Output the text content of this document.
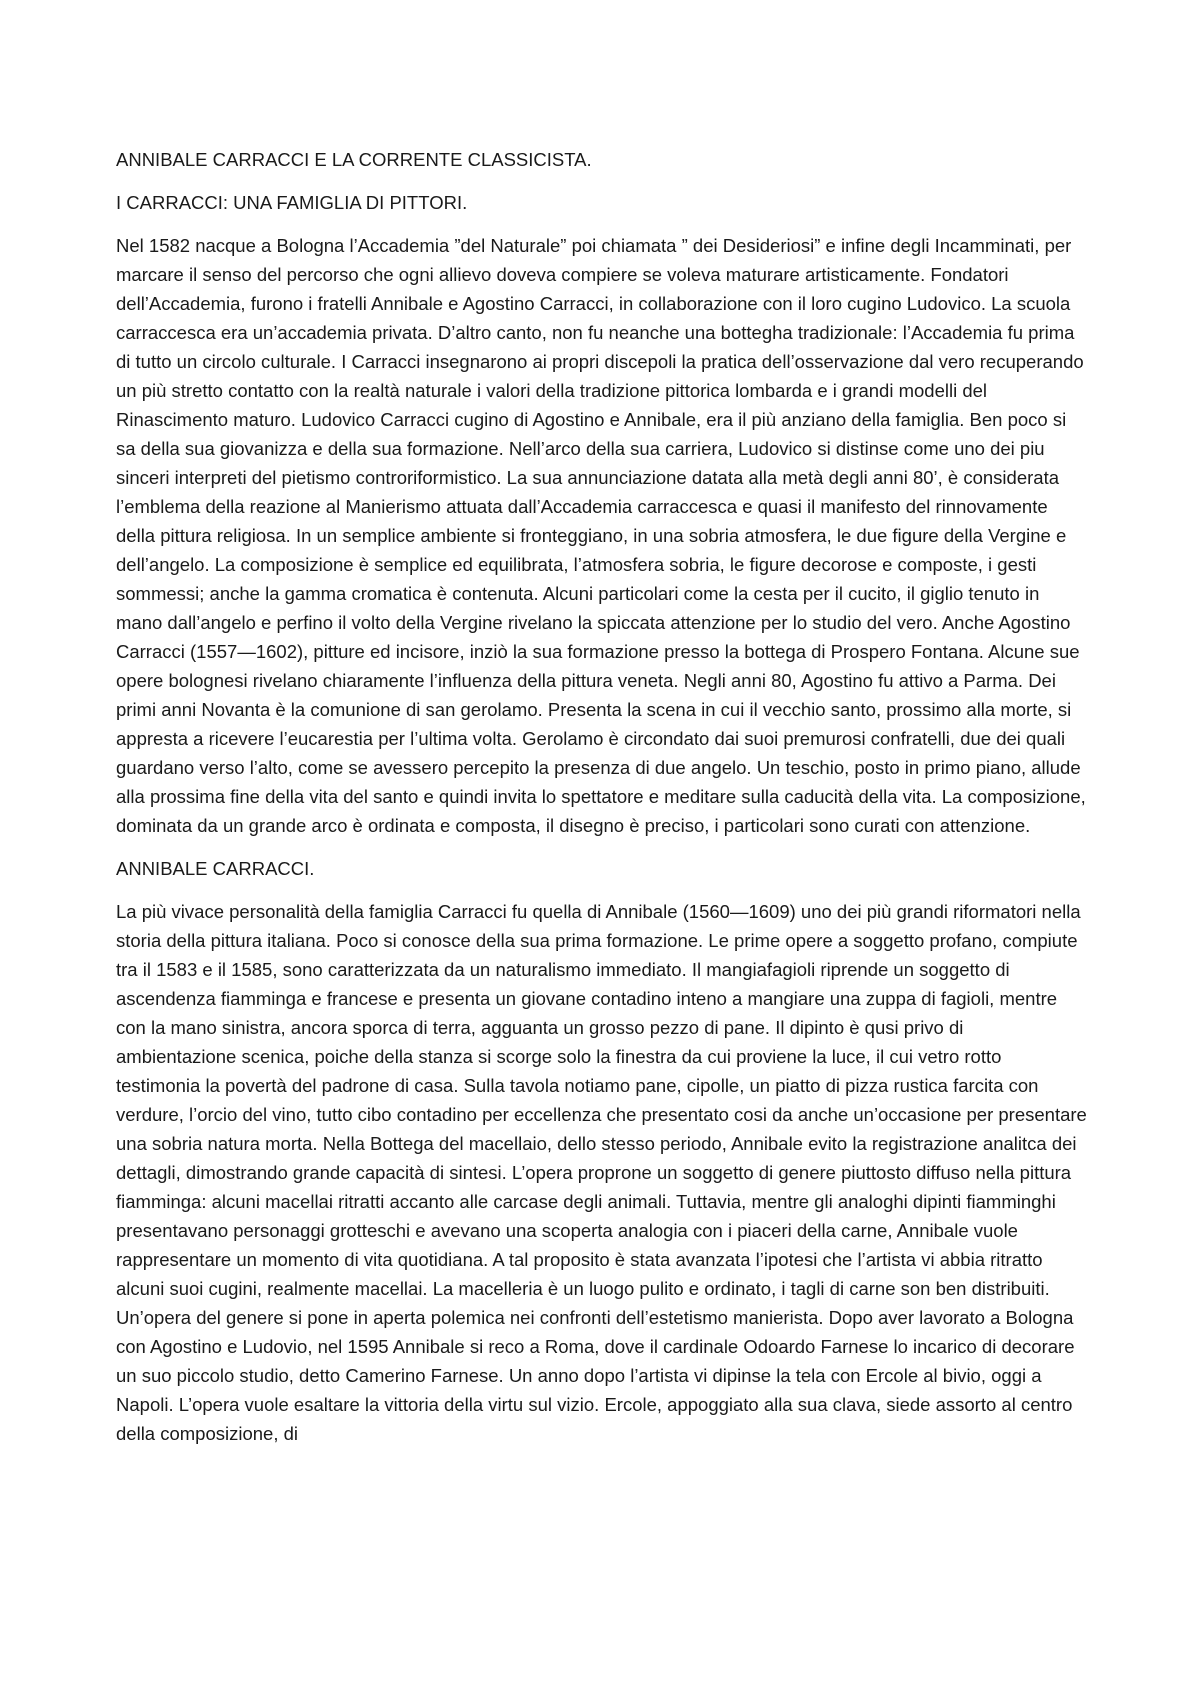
ANNIBALE CARRACCI E LA CORRENTE CLASSICISTA.

I CARRACCI: UNA FAMIGLIA DI PITTORI.

Nel 1582 nacque a Bologna l’Accademia ”del Naturale” poi chiamata ” dei Desideriosi” e infine degli Incamminati, per marcare il senso del percorso che ogni allievo doveva compiere se voleva maturare artisticamente. Fondatori dell’Accademia, furono i fratelli Annibale e Agostino Carracci, in collaborazione con il loro cugino Ludovico. La scuola carraccesca era un’accademia privata. D’altro canto, non fu neanche una bottegha tradizionale: l’Accademia fu prima di tutto un circolo culturale. I Carracci insegnarono ai propri discepoli la pratica dell’osservazione dal vero recuperando un più stretto contatto con la realtà naturale i valori della tradizione pittorica lombarda e i grandi modelli del Rinascimento maturo. Ludovico Carracci cugino di Agostino e Annibale, era il più anziano della famiglia. Ben poco si sa della sua giovanizza e della sua formazione. Nell’arco della sua carriera, Ludovico si distinse come uno dei piu sinceri interpreti del pietismo controriformistico. La sua annunciazione datata alla metà degli anni 80’, è considerata l’emblema della reazione al Manierismo attuata dall’Accademia carraccesca e quasi il manifesto del rinnovamente della pittura religiosa. In un semplice ambiente si fronteggiano, in una sobria atmosfera, le due figure della Vergine e dell’angelo. La composizione è semplice ed equilibrata, l’atmosfera sobria, le figure decorose e composte, i gesti sommessi; anche la gamma cromatica è contenuta. Alcuni particolari come la cesta per il cucito, il giglio tenuto in mano dall’angelo e perfino il volto della Vergine rivelano la spiccata attenzione per lo studio del vero. Anche Agostino Carracci (1557—1602), pitture ed incisore, inziò la sua formazione presso la bottega di Prospero Fontana. Alcune sue opere bolognesi rivelano chiaramente l’influenza della pittura veneta. Negli anni 80, Agostino fu attivo a Parma. Dei primi anni Novanta è la comunione di san gerolamo. Presenta la scena in cui il vecchio santo, prossimo alla morte, si appresta a ricevere l’eucarestia per l’ultima volta. Gerolamo è circondato dai suoi premurosi confratelli, due dei quali guardano verso l’alto, come se avessero percepito la presenza di due angelo. Un teschio, posto in primo piano, allude alla prossima fine della vita del santo e quindi invita lo spettatore e meditare sulla caducità della vita. La composizione, dominata da un grande arco è ordinata e composta, il disegno è preciso, i particolari sono curati con attenzione.

ANNIBALE CARRACCI.

La più vivace personalità della famiglia Carracci fu quella di Annibale (1560—1609) uno dei più grandi riformatori nella storia della pittura italiana. Poco si conosce della sua prima formazione. Le prime opere a soggetto profano, compiute tra il 1583 e il 1585, sono caratterizzata da un naturalismo immediato. Il mangiafagioli riprende un soggetto di ascendenza fiamminga e francese e presenta un giovane contadino inteno a mangiare una zuppa di fagioli, mentre con la mano sinistra, ancora sporca di terra, agguanta un grosso pezzo di pane. Il dipinto è qusi privo di ambientazione scenica, poiche della stanza si scorge solo la finestra da cui proviene la luce, il cui vetro rotto testimonia la povertà del padrone di casa. Sulla tavola notiamo pane, cipolle, un piatto di pizza rustica farcita con verdure, l’orcio del vino, tutto cibo contadino per eccellenza che presentato cosi da anche un’occasione per presentare una sobria natura morta. Nella Bottega del macellaio, dello stesso periodo, Annibale evito la registrazione analitca dei dettagli, dimostrando grande capacità di sintesi. L’opera proprone un soggetto di genere piuttosto diffuso nella pittura fiamminga: alcuni macellai ritratti accanto alle carcase degli animali. Tuttavia, mentre gli analoghi dipinti fiamminghi presentavano personaggi grotteschi e avevano una scoperta analogia con i piaceri della carne, Annibale vuole rappresentare un momento di vita quotidiana. A tal proposito è stata avanzata l’ipotesi che l’artista vi abbia ritratto alcuni suoi cugini, realmente macellai. La macelleria è un luogo pulito e ordinato, i tagli di carne son ben distribuiti. Un’opera del genere si pone in aperta polemica nei confronti dell’estetismo manierista. Dopo aver lavorato a Bologna con Agostino e Ludovio, nel 1595 Annibale si reco a Roma, dove il cardinale Odoardo Farnese lo incarico di decorare un suo piccolo studio, detto Camerino Farnese. Un anno dopo l’artista vi dipinse la tela con Ercole al bivio, oggi a Napoli. L’opera vuole esaltare la vittoria della virtu sul vizio. Ercole, appoggiato alla sua clava, siede assorto al centro della composizione, di
